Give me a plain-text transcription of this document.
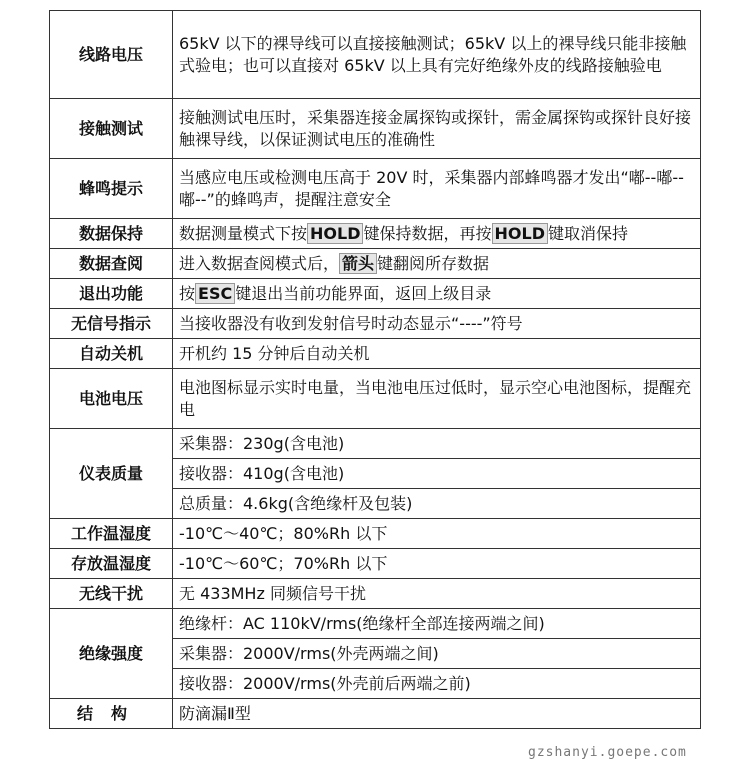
线路电压	65kV 以下的裸导线可以直接接触测试；65kV 以上的裸导线只能非接触式验电；也可以直接对 65kV 以上具有完好绝缘外皮的线路接触验电
接触测试	接触测试电压时，采集器连接金属探钩或探针，需金属探钩或探针良好接触裸导线，以保证测试电压的准确性
蜂鸣提示	当感应电压或检测电压高于 20V 时，采集器内部蜂鸣器才发出“嘟--嘟--嘟--”的蜂鸣声，提醒注意安全
数据保持	数据测量模式下按 HOLD 键保持数据，再按 HOLD 键取消保持
数据查阅	进入数据查阅模式后， 箭头 键翻阅所存数据
退出功能	按 ESC 键退出当前功能界面，返回上级目录
无信号指示	当接收器没有收到发射信号时动态显示“----”符号
自动关机	开机约 15 分钟后自动关机
电池电压	电池图标显示实时电量，当电池电压过低时，显示空心电池图标，提醒充电
仪表质量	采集器：230g(含电池)
	接收器：410g(含电池)
	总质量：4.6kg(含绝缘杆及包装)
工作温湿度	-10℃～40℃；80%Rh 以下
存放温湿度	-10℃～60℃；70%Rh 以下
无线干扰	无 433MHz 同频信号干扰
绝缘强度	绝缘杆：AC 110kV/rms(绝缘杆全部连接两端之间)
	采集器：2000V/rms(外壳两端之间)
	接收器：2000V/rms(外壳前后两端之前)
结构	防滴漏Ⅱ型
gzshanyi.goepe.com
